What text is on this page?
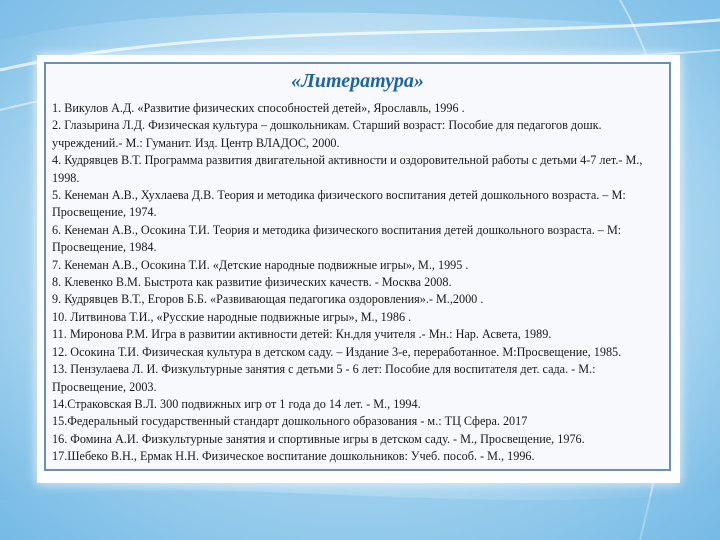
«Литература»
1. Викулов А.Д. «Развитие физических способностей детей», Ярославль, 1996 .
2. Глазырина Л.Д. Физическая культура – дошкольникам. Старший возраст: Пособие для педагогов дошк. учреждений.- М.: Гуманит. Изд. Центр ВЛАДОС, 2000.
4. Кудрявцев В.Т. Программа развития двигательной активности и оздоровительной работы с детьми 4-7 лет.- М., 1998.
5. Кенеман А.В., Хухлаева Д.В. Теория и методика физического воспитания детей дошкольного возраста. – М: Просвещение, 1974.
6. Кенеман А.В., Осокина Т.И. Теория и методика физического воспитания детей дошкольного возраста. – М: Просвещение, 1984.
7. Кенеман А.В., Осокина Т.И. «Детские народные подвижные игры», М., 1995 .
8. Клевенко В.М. Быстрота как развитие физических качеств. - Москва 2008.
9. Кудрявцев В.Т., Егоров Б.Б. «Развивающая педагогика оздоровления».- М.,2000 .
10. Литвинова Т.И., «Русские народные подвижные игры», М., 1986 .
11. Миронова Р.М. Игра в развитии активности детей: Кн.для учителя .- Мн.: Нар. Асвета, 1989.
12. Осокина Т.И. Физическая культура в детском саду. – Издание 3-е, переработанное. М:Просвещение, 1985.
13. Пензулаева Л. И. Физкультурные занятия с детьми 5 - 6 лет: Пособие для воспитателя дет. сада. - М.: Просвещение, 2003.
14.Страковская В.Л. 300 подвижных игр от 1 года до 14 лет. - М., 1994.
15.Федеральный государственный стандарт дошкольного образования - м.: ТЦ Сфера. 2017
16. Фомина А.И. Физкультурные занятия и спортивные игры в детском саду. - М., Просвещение, 1976.
17.Шебеко В.Н., Ермак Н.Н. Физическое воспитание дошкольников: Учеб. пособ. - М., 1996.
